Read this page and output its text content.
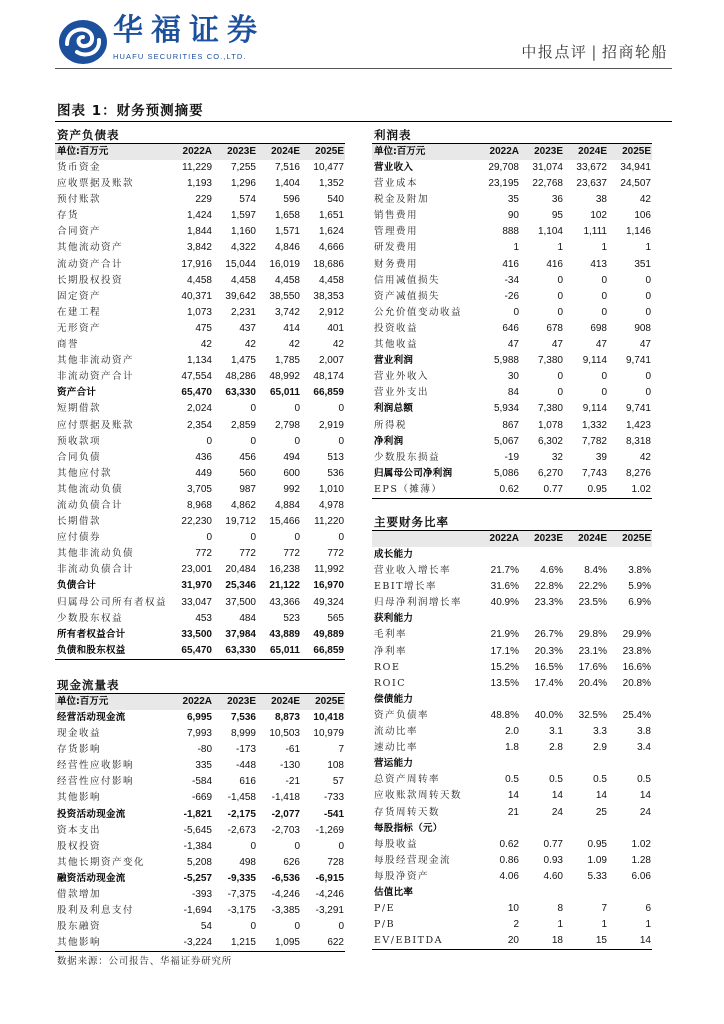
华福证券
HUAFU SECURITIES CO.,LTD.	中报点评 | 招商轮船
图表 1：财务预测摘要
资产负债表
单位:百万元	2022A	2023E	2024E	2025E
货币资金	11,229	7,255	7,516	10,477
应收票据及账款	1,193	1,296	1,404	1,352
预付账款	229	574	596	540
存货	1,424	1,597	1,658	1,651
合同资产	1,844	1,160	1,571	1,624
其他流动资产	3,842	4,322	4,846	4,666
流动资产合计	17,916	15,044	16,019	18,686
长期股权投资	4,458	4,458	4,458	4,458
固定资产	40,371	39,642	38,550	38,353
在建工程	1,073	2,231	3,742	2,912
无形资产	475	437	414	401
商誉	42	42	42	42
其他非流动资产	1,134	1,475	1,785	2,007
非流动资产合计	47,554	48,286	48,992	48,174
资产合计	65,470	63,330	65,011	66,859
短期借款	2,024	0	0	0
应付票据及账款	2,354	2,859	2,798	2,919
预收款项	0	0	0	0
合同负债	436	456	494	513
其他应付款	449	560	600	536
其他流动负债	3,705	987	992	1,010
流动负债合计	8,968	4,862	4,884	4,978
长期借款	22,230	19,712	15,466	11,220
应付债券	0	0	0	0
其他非流动负债	772	772	772	772
非流动负债合计	23,001	20,484	16,238	11,992
负债合计	31,970	25,346	21,122	16,970
归属母公司所有者权益	33,047	37,500	43,366	49,324
少数股东权益	453	484	523	565
所有者权益合计	33,500	37,984	43,889	49,889
负债和股东权益	65,470	63,330	65,011	66,859
现金流量表
单位:百万元	2022A	2023E	2024E	2025E
经营活动现金流	6,995	7,536	8,873	10,418
现金收益	7,993	8,999	10,503	10,979
存货影响	-80	-173	-61	7
经营性应收影响	335	-448	-130	108
经营性应付影响	-584	616	-21	57
其他影响	-669	-1,458	-1,418	-733
投资活动现金流	-1,821	-2,175	-2,077	-541
资本支出	-5,645	-2,673	-2,703	-1,269
股权投资	-1,384	0	0	0
其他长期资产变化	5,208	498	626	728
融资活动现金流	-5,257	-9,335	-6,536	-6,915
借款增加	-393	-7,375	-4,246	-4,246
股利及利息支付	-1,694	-3,175	-3,385	-3,291
股东融资	54	0	0	0
其他影响	-3,224	1,215	1,095	622
利润表
单位:百万元	2022A	2023E	2024E	2025E
营业收入	29,708	31,074	33,672	34,941
营业成本	23,195	22,768	23,637	24,507
税金及附加	35	36	38	42
销售费用	90	95	102	106
管理费用	888	1,104	1,111	1,146
研发费用	1	1	1	1
财务费用	416	416	413	351
信用减值损失	-34	0	0	0
资产减值损失	-26	0	0	0
公允价值变动收益	0	0	0	0
投资收益	646	678	698	908
其他收益	47	47	47	47
营业利润	5,988	7,380	9,114	9,741
营业外收入	30	0	0	0
营业外支出	84	0	0	0
利润总额	5,934	7,380	9,114	9,741
所得税	867	1,078	1,332	1,423
净利润	5,067	6,302	7,782	8,318
少数股东损益	-19	32	39	42
归属母公司净利润	5,086	6,270	7,743	8,276
EPS（摊薄）	0.62	0.77	0.95	1.02
主要财务比率
2022A	2023E	2024E	2025E
成长能力
营业收入增长率	21.7%	4.6%	8.4%	3.8%
EBIT增长率	31.6%	22.8%	22.2%	5.9%
归母净利润增长率	40.9%	23.3%	23.5%	6.9%
获利能力
毛利率	21.9%	26.7%	29.8%	29.9%
净利率	17.1%	20.3%	23.1%	23.8%
ROE	15.2%	16.5%	17.6%	16.6%
ROIC	13.5%	17.4%	20.4%	20.8%
偿债能力
资产负债率	48.8%	40.0%	32.5%	25.4%
流动比率	2.0	3.1	3.3	3.8
速动比率	1.8	2.8	2.9	3.4
营运能力
总资产周转率	0.5	0.5	0.5	0.5
应收账款周转天数	14	14	14	14
存货周转天数	21	24	25	24
每股指标（元）
每股收益	0.62	0.77	0.95	1.02
每股经营现金流	0.86	0.93	1.09	1.28
每股净资产	4.06	4.60	5.33	6.06
估值比率
P/E	10	8	7	6
P/B	2	1	1	1
EV/EBITDA	20	18	15	14
数据来源：公司报告、华福证券研究所
